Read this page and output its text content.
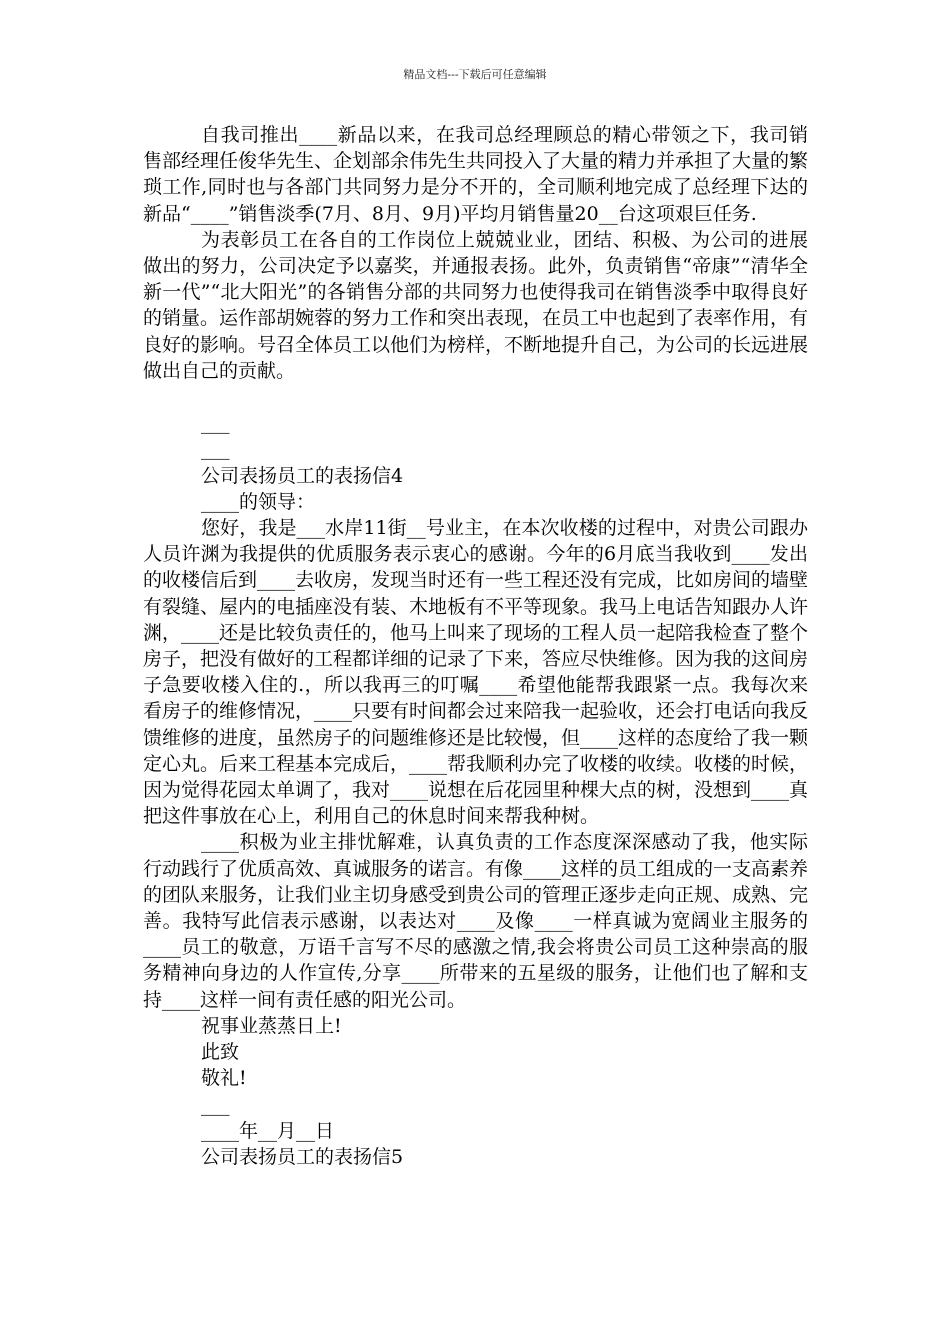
精品文档---下载后可任意编辑

自我司推出____新品以来，在我司总经理顾总的精心带领之下，我司销售部经理任俊华先生、企划部余伟先生共同投入了大量的精力并承担了大量的繁琐工作,同时也与各部门共同努力是分不开的，全司顺利地完成了总经理下达的新品“____”销售淡季(7月、8月、9月)平均月销售量20__台这项艰巨任务.

为表彰员工在各自的工作岗位上兢兢业业，团结、积极、为公司的进展做出的努力，公司决定予以嘉奖，并通报表扬。此外，负责销售“帝康”“清华全新一代”“北大阳光”的各销售分部的共同努力也使得我司在销售淡季中取得良好的销量。运作部胡婉蓉的努力工作和突出表现，在员工中也起到了表率作用，有良好的影响。号召全体员工以他们为榜样，不断地提升自己，为公司的长远进展做出自己的贡献。

___

___

公司表扬员工的表扬信4

____的领导：

您好，我是___水岸11街__号业主，在本次收楼的过程中，对贵公司跟办人员许渊为我提供的优质服务表示衷心的感谢。今年的6月底当我收到____发出的收楼信后到____去收房，发现当时还有一些工程还没有完成，比如房间的墙壁有裂缝、屋内的电插座没有装、木地板有不平等现象。我马上电话告知跟办人许渊，____还是比较负责任的，他马上叫来了现场的工程人员一起陪我检查了整个房子，把没有做好的工程都详细的记录了下来，答应尽快维修。因为我的这间房子急要收楼入住的.，所以我再三的叮嘱____希望他能帮我跟紧一点。我每次来看房子的维修情况，____只要有时间都会过来陪我一起验收，还会打电话向我反馈维修的进度，虽然房子的问题维修还是比较慢，但____这样的态度给了我一颗定心丸。后来工程基本完成后，____帮我顺利办完了收楼的收续。收楼的时候，因为觉得花园太单调了，我对____说想在后花园里种棵大点的树，没想到____真把这件事放在心上，利用自己的休息时间来帮我种树。

____积极为业主排忧解难，认真负责的工作态度深深感动了我，他实际行动践行了优质高效、真诚服务的诺言。有像____这样的员工组成的一支高素养的团队来服务，让我们业主切身感受到贵公司的管理正逐步走向正规、成熟、完善。我特写此信表示感谢，以表达对____及像____一样真诚为宽阔业主服务的____员工的敬意，万语千言写不尽的感激之情,我会将贵公司员工这种崇高的服务精神向身边的人作宣传,分享____所带来的五星级的服务，让他们也了解和支持____这样一间有责任感的阳光公司。

祝事业蒸蒸日上!

此致

敬礼!

___

____年__月__日

公司表扬员工的表扬信5
